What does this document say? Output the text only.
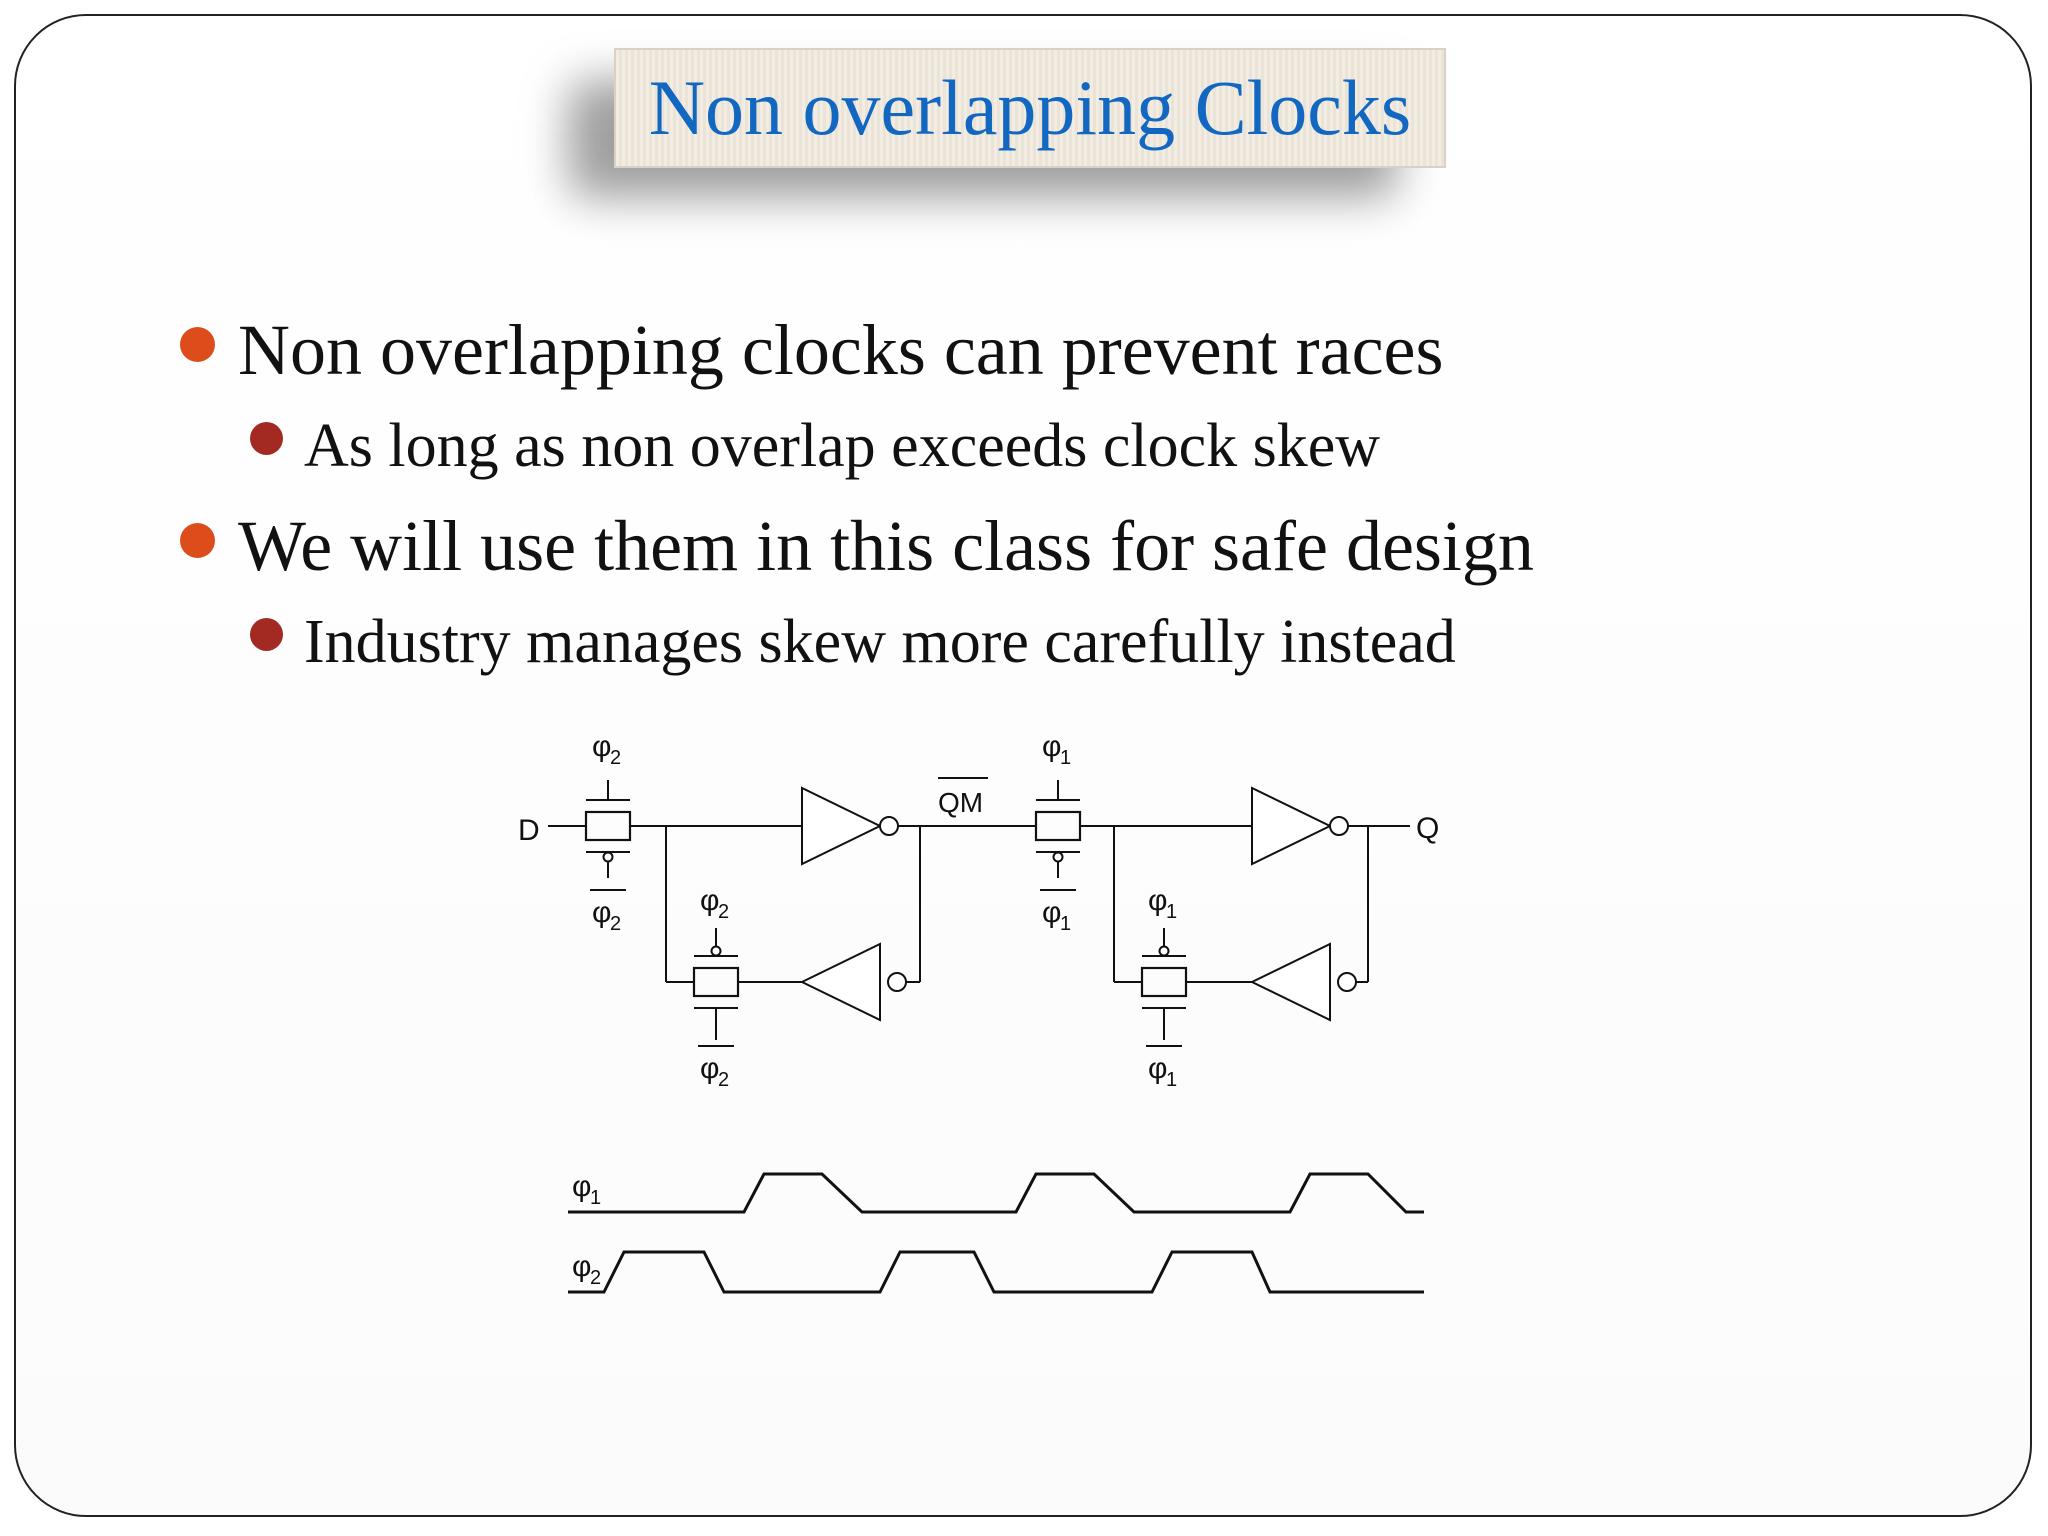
Non overlapping Clocks
Non overlapping clocks can prevent races
As long as non overlap exceeds clock skew
We will use them in this class for safe design
Industry manages skew more carefully instead
D	Q
QM
φ
2
φ
2
φ
2
φ
2
φ
1
φ
1
φ
1
φ
1
φ
1
φ
2
